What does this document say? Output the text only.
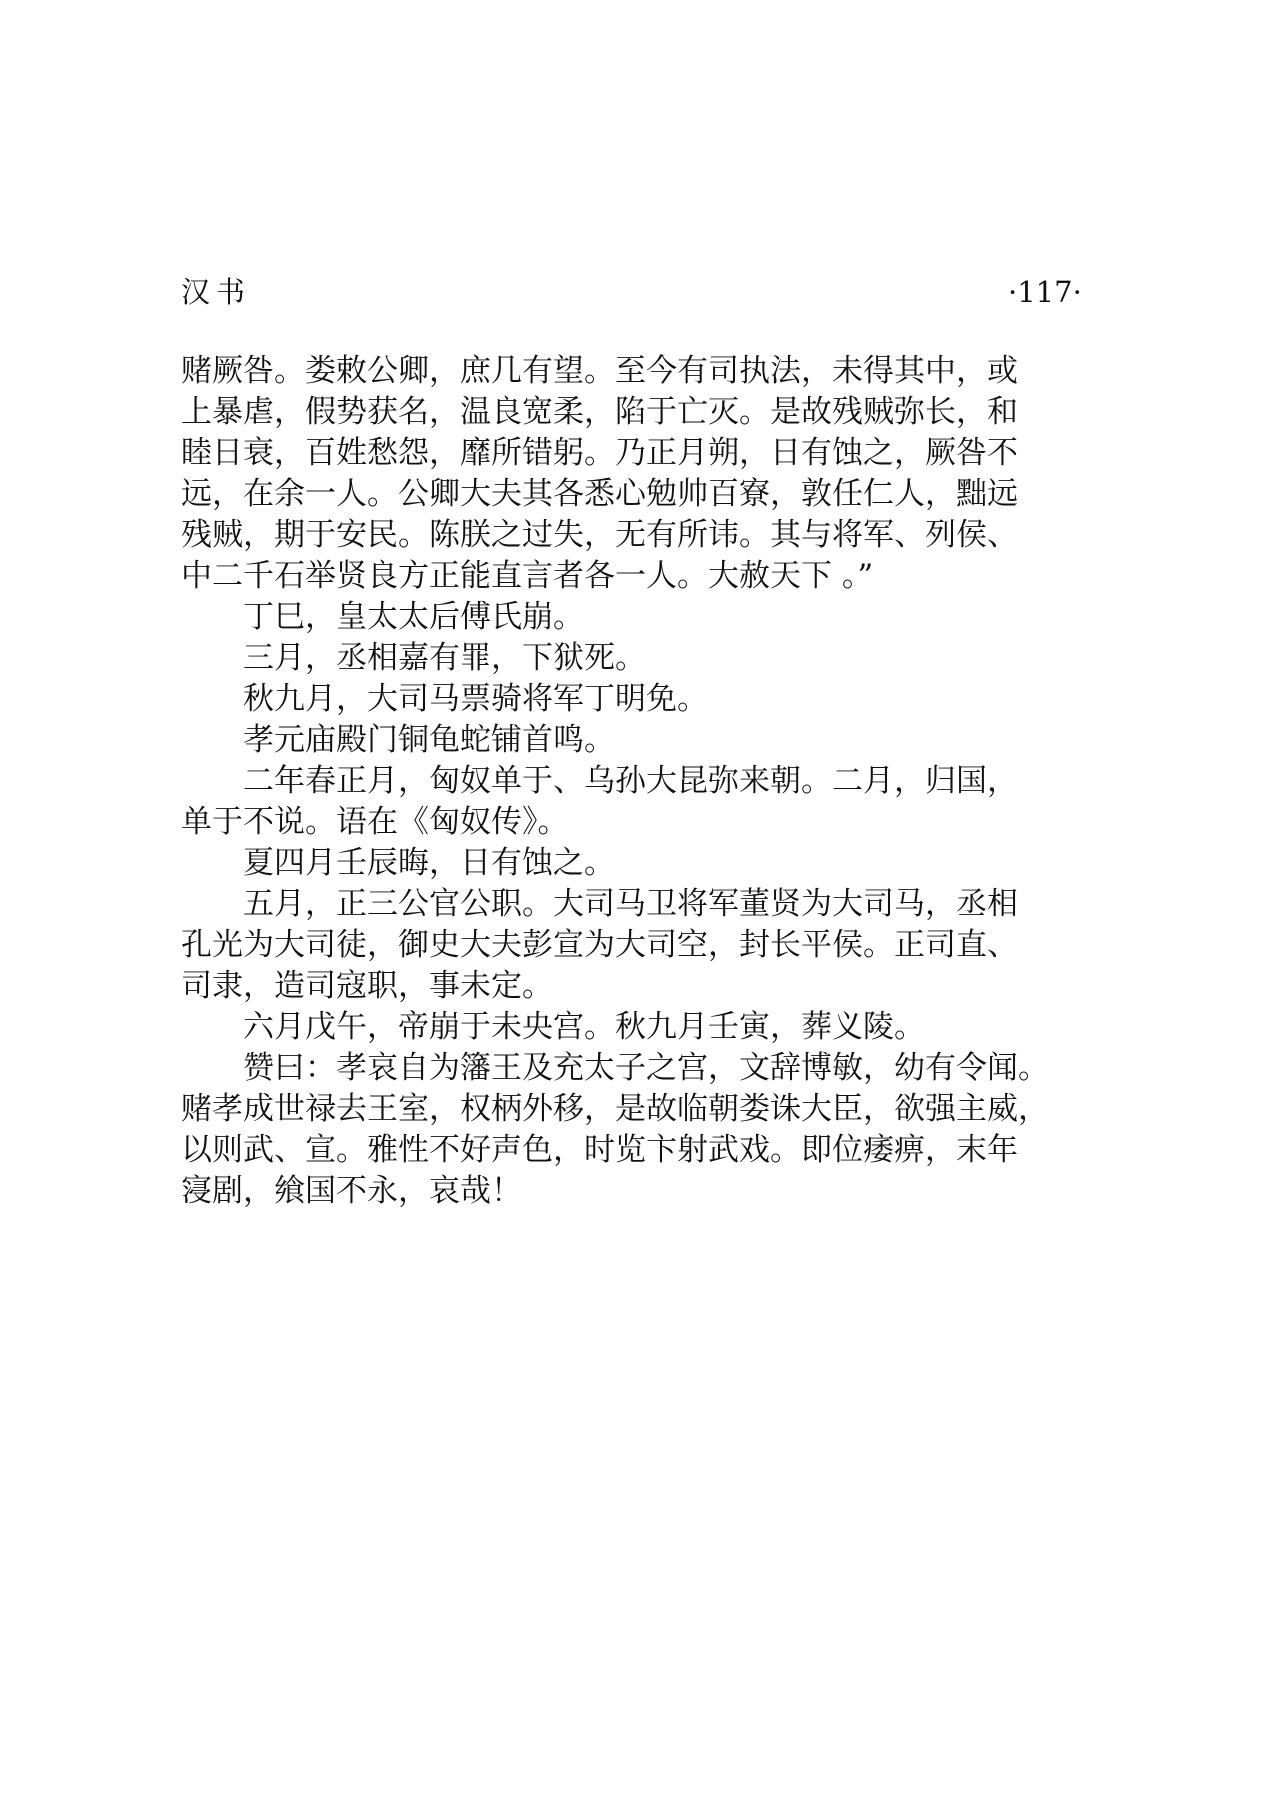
汉书	·117·
赌厥咎。娄敕公卿，庶几有望。至今有司执法，未得其中，或
上暴虐，假势获名，温良宽柔，陷于亡灭。是故残贼弥长，和
睦日衰，百姓愁怨，靡所错躬。乃正月朔，日有蚀之，厥咎不
远，在余一人。公卿大夫其各悉心勉帅百寮，敦任仁人，黜远
残贼，期于安民。陈朕之过失，无有所讳。其与将军、列侯、
中二千石举贤良方正能直言者各一人。大赦天下 。”
丁巳，皇太太后傅氏崩。
三月，丞相嘉有罪，下狱死。
秋九月，大司马票骑将军丁明免。
孝元庙殿门铜龟蛇铺首鸣。
二年春正月，匈奴单于、乌孙大昆弥来朝。二月，归国，
单于不说。语在《匈奴传》。
夏四月壬辰晦，日有蚀之。
五月，正三公官公职。大司马卫将军董贤为大司马，丞相
孔光为大司徒，御史大夫彭宣为大司空，封长平侯。正司直、
司隶，造司寇职，事未定。
六月戊午，帝崩于未央宫。秋九月壬寅，葬义陵。
赞曰：孝哀自为籓王及充太子之宫，文辞博敏，幼有令闻。
赌孝成世禄去王室，权柄外移，是故临朝娄诛大臣，欲强主威，
以则武、宣。雅性不好声色，时览卞射武戏。即位痿痹，末年
寖剧，飨国不永，哀哉！
